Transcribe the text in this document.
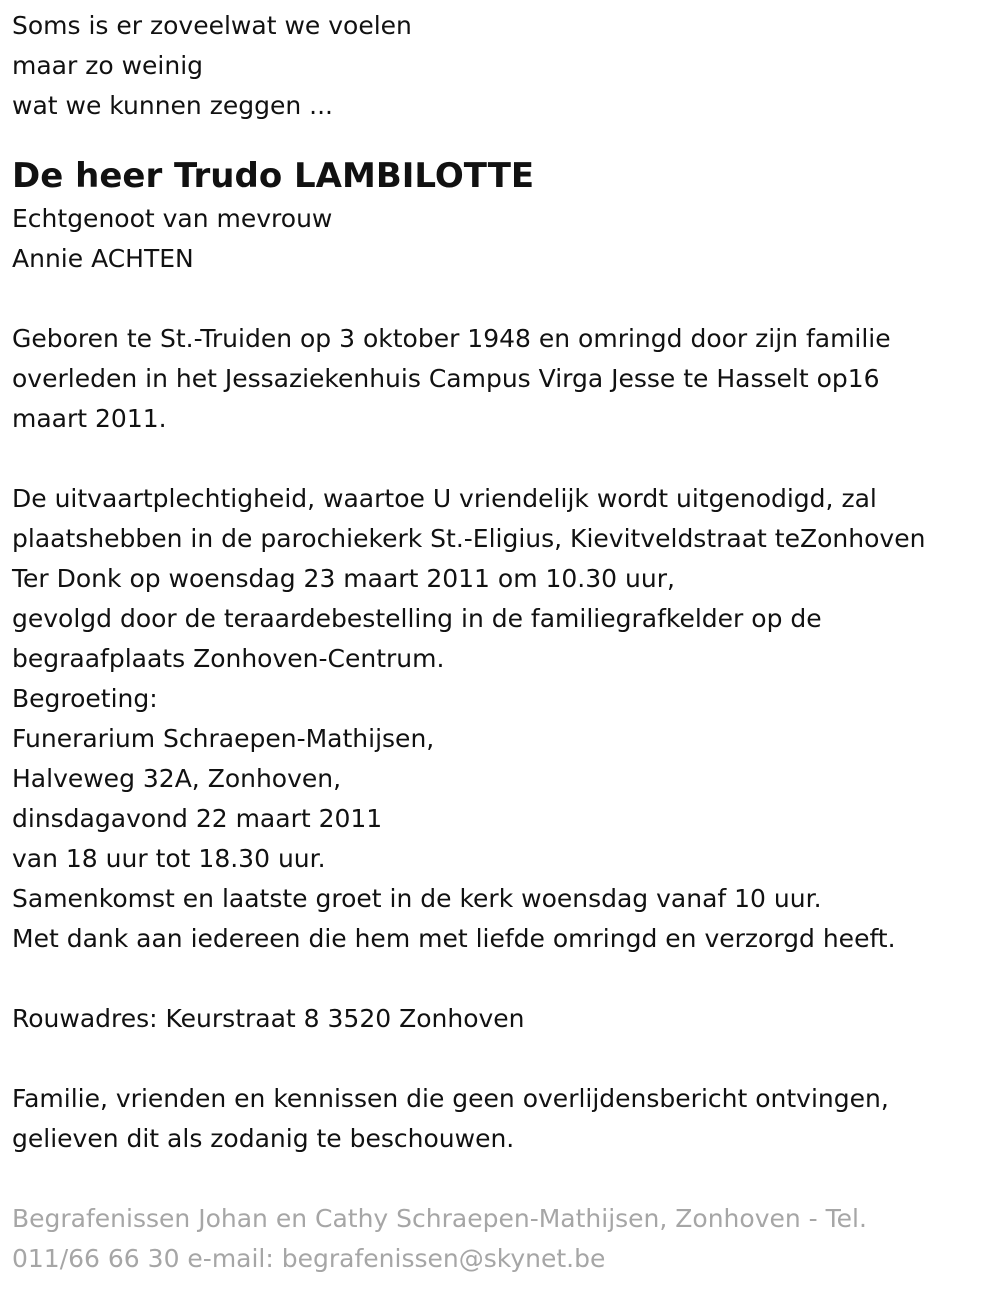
Soms is er zoveelwat we voelen
maar zo weinig
wat we kunnen zeggen ...
De heer Trudo LAMBILOTTE
Echtgenoot van mevrouw
Annie ACHTEN
Geboren te St.-Truiden op 3 oktober 1948 en omringd door zijn familie
overleden in het Jessaziekenhuis Campus Virga Jesse te Hasselt op16
maart 2011.
De uitvaartplechtigheid, waartoe U vriendelijk wordt uitgenodigd, zal
plaatshebben in de parochiekerk St.-Eligius, Kievitveldstraat teZonhoven
Ter Donk op woensdag 23 maart 2011 om 10.30 uur,
gevolgd door de teraardebestelling in de familiegrafkelder op de
begraafplaats Zonhoven-Centrum.
Begroeting:
Funerarium Schraepen-Mathijsen,
Halveweg 32A, Zonhoven,
dinsdagavond 22 maart 2011
van 18 uur tot 18.30 uur.
Samenkomst en laatste groet in de kerk woensdag vanaf 10 uur.
Met dank aan iedereen die hem met liefde omringd en verzorgd heeft.
Rouwadres: Keurstraat 8 3520 Zonhoven
Familie, vrienden en kennissen die geen overlijdensbericht ontvingen,
gelieven dit als zodanig te beschouwen.
Begrafenissen Johan en Cathy Schraepen-Mathijsen, Zonhoven - Tel.
011/66 66 30 e-mail: begrafenissen@skynet.be
